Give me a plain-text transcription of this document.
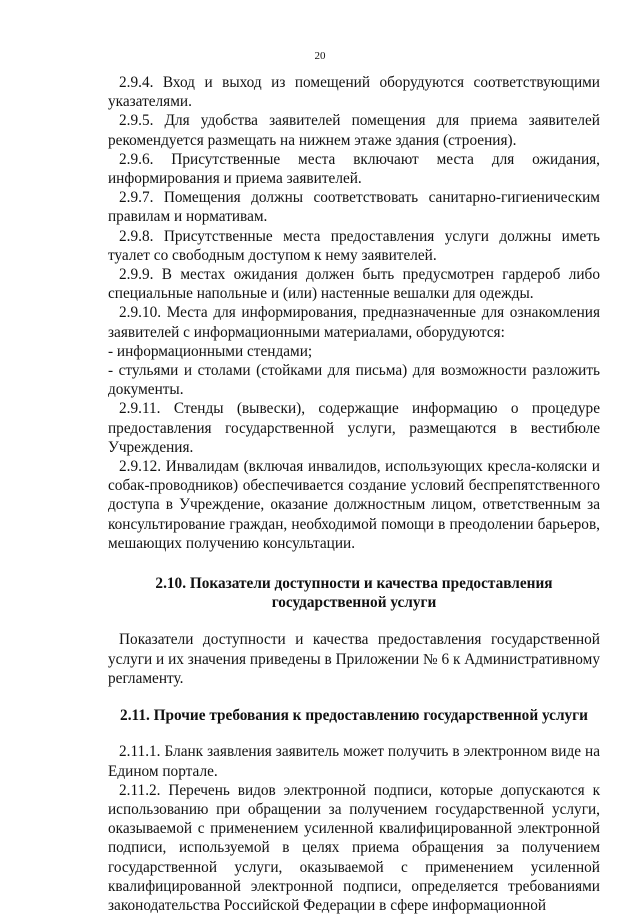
20

2.9.4. Вход и выход из помещений оборудуются соответствующими указателями.

2.9.5. Для удобства заявителей помещения для приема заявителей рекомендуется размещать на нижнем этаже здания (строения).

2.9.6. Присутственные места включают места для ожидания, информирования и приема заявителей.

2.9.7. Помещения должны соответствовать санитарно-гигиеническим правилам и нормативам.

2.9.8. Присутственные места предоставления услуги должны иметь туалет со свободным доступом к нему заявителей.

2.9.9. В местах ожидания должен быть предусмотрен гардероб либо специальные напольные и (или) настенные вешалки для одежды.

2.9.10. Места для информирования, предназначенные для ознакомления заявителей с информационными материалами, оборудуются:

- информационными стендами;

- стульями и столами (стойками для письма) для возможности разложить документы.

2.9.11. Стенды (вывески), содержащие информацию о процедуре предоставления государственной услуги, размещаются в вестибюле Учреждения.

2.9.12. Инвалидам (включая инвалидов, использующих кресла-коляски и собак-проводников) обеспечивается создание условий беспрепятственного доступа в Учреждение, оказание должностным лицом, ответственным за консультирование граждан, необходимой помощи в преодолении барьеров, мешающих получению консультации.

2.10. Показатели доступности и качества предоставления государственной услуги

Показатели доступности и качества предоставления государственной услуги и их значения приведены в Приложении № 6 к Административному регламенту.

2.11. Прочие требования к предоставлению государственной услуги

2.11.1. Бланк заявления заявитель может получить в электронном виде на Едином портале.

2.11.2. Перечень видов электронной подписи, которые допускаются к использованию при обращении за получением государственной услуги, оказываемой с применением усиленной квалифицированной электронной подписи, используемой в целях приема обращения за получением государственной услуги, оказываемой с применением усиленной квалифицированной электронной подписи, определяется требованиями законодательства Российской Федерации в сфере информационной
